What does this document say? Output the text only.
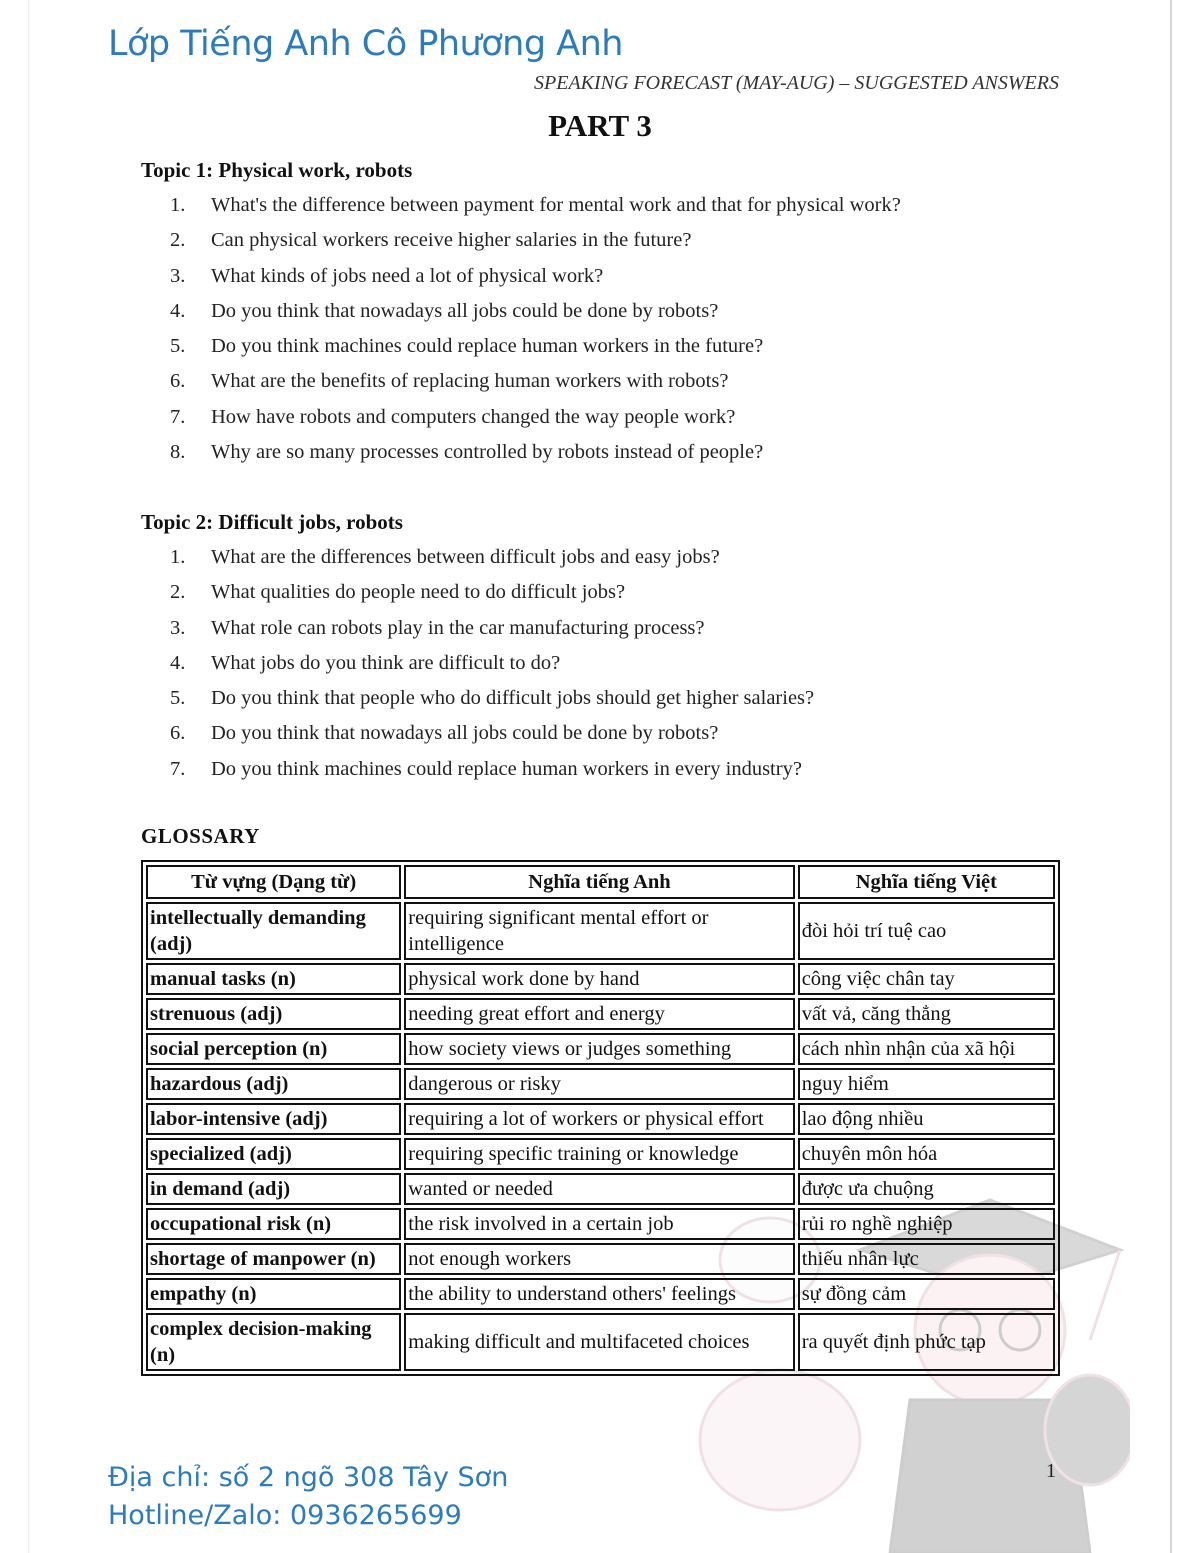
Lớp Tiếng Anh Cô Phương Anh
SPEAKING FORECAST (MAY-AUG) – SUGGESTED ANSWERS
PART 3
Topic 1: Physical work, robots
1.	What's the difference between payment for mental work and that for physical work?
2.	Can physical workers receive higher salaries in the future?
3.	What kinds of jobs need a lot of physical work?
4.	Do you think that nowadays all jobs could be done by robots?
5.	Do you think machines could replace human workers in the future?
6.	What are the benefits of replacing human workers with robots?
7.	How have robots and computers changed the way people work?
8.	Why are so many processes controlled by robots instead of people?
Topic 2: Difficult jobs, robots
1.	What are the differences between difficult jobs and easy jobs?
2.	What qualities do people need to do difficult jobs?
3.	What role can robots play in the car manufacturing process?
4.	What jobs do you think are difficult to do?
5.	Do you think that people who do difficult jobs should get higher salaries?
6.	Do you think that nowadays all jobs could be done by robots?
7.	Do you think machines could replace human workers in every industry?
GLOSSARY
Từ vựng (Dạng từ)	Nghĩa tiếng Anh	Nghĩa tiếng Việt
intellectually demanding (adj)	requiring significant mental effort or intelligence	đòi hỏi trí tuệ cao
manual tasks (n)	physical work done by hand	công việc chân tay
strenuous (adj)	needing great effort and energy	vất vả, căng thẳng
social perception (n)	how society views or judges something	cách nhìn nhận của xã hội
hazardous (adj)	dangerous or risky	nguy hiểm
labor-intensive (adj)	requiring a lot of workers or physical effort	lao động nhiều
specialized (adj)	requiring specific training or knowledge	chuyên môn hóa
in demand (adj)	wanted or needed	được ưa chuộng
occupational risk (n)	the risk involved in a certain job	rủi ro nghề nghiệp
shortage of manpower (n)	not enough workers	thiếu nhân lực
empathy (n)	the ability to understand others' feelings	sự đồng cảm
complex decision-making (n)	making difficult and multifaceted choices	ra quyết định phức tạp
Địa chỉ: số 2 ngõ 308 Tây Sơn
Hotline/Zalo: 0936265699
1
